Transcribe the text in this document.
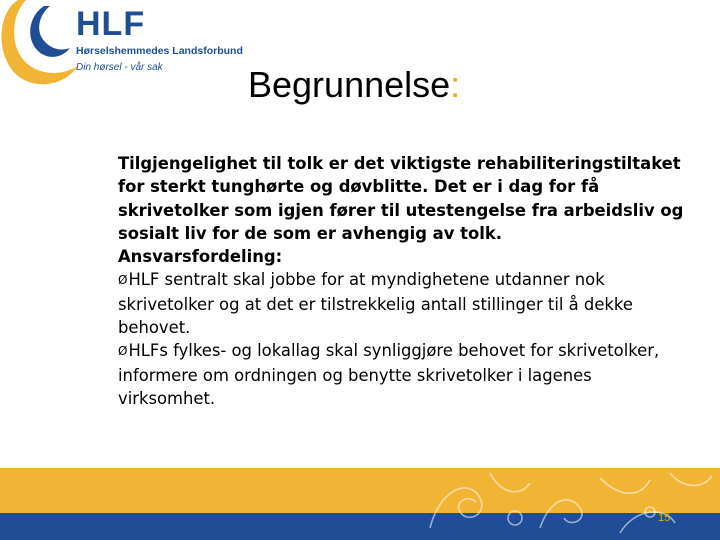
HLF
Hørselshemmedes Landsforbund
Din hørsel - vår sak Begrunnelse:

Tilgjengelighet til tolk er det viktigste rehabiliteringstiltaket for sterkt tunghørte og døvblitte. Det er i dag for få skrivetolker som igjen fører til utestengelse fra arbeidsliv og sosialt liv for de som er avhengig av tolk.

Ansvarsfordeling:

ØHLF sentralt skal jobbe for at myndighetene utdanner nok skrivetolker og at det er tilstrekkelig antall stillinger til å dekke behovet.

ØHLFs fylkes- og lokallag skal synliggjøre behovet for skrivetolker, informere om ordningen og benytte skrivetolker i lagenes virksomhet.

15
